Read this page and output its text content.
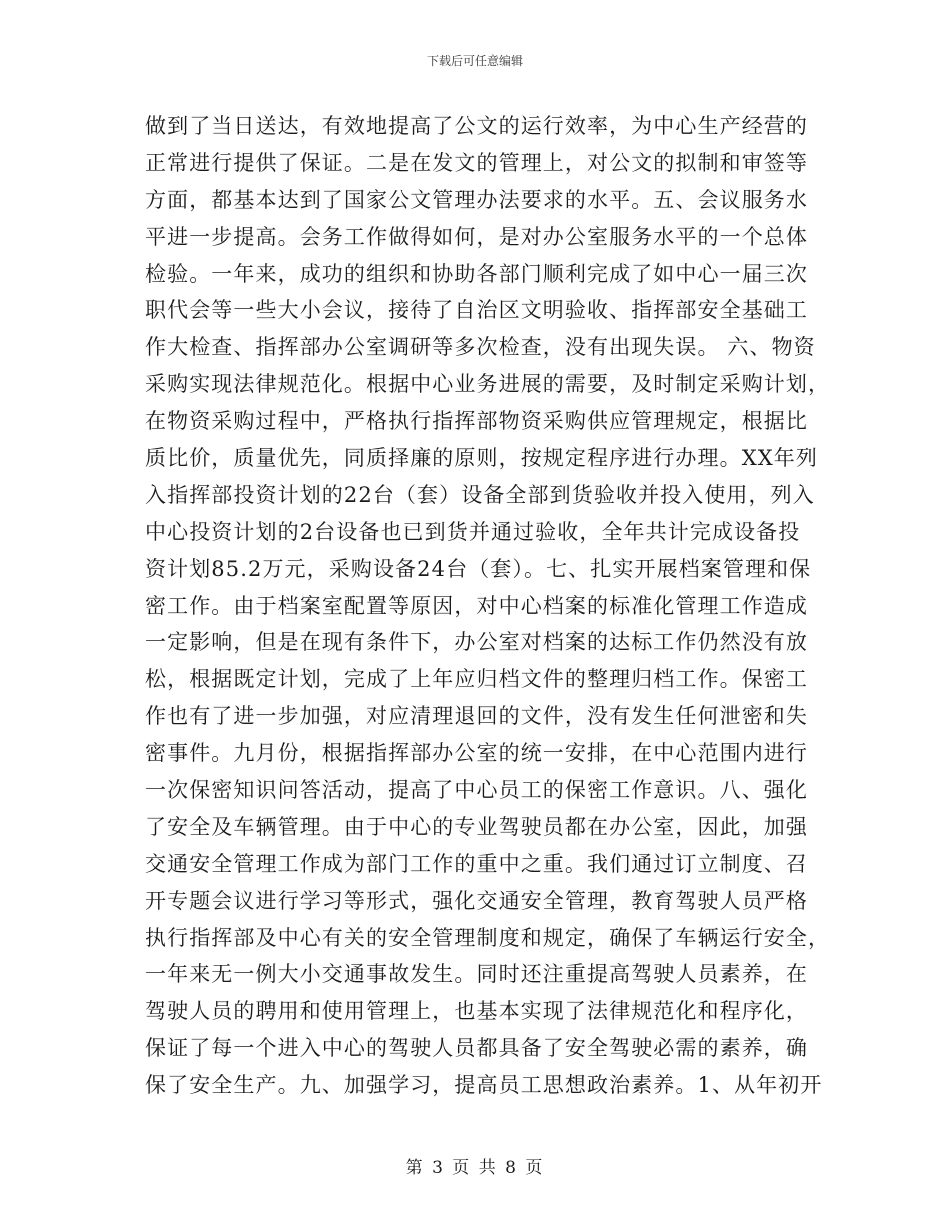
下载后可任意编辑
做到了当日送达，有效地提高了公文的运行效率，为中心生产经营的
正常进行提供了保证。二是在发文的管理上，对公文的拟制和审签等
方面，都基本达到了国家公文管理办法要求的水平。五、会议服务水
平进一步提高。会务工作做得如何，是对办公室服务水平的一个总体
检验。一年来，成功的组织和协助各部门顺利完成了如中心一届三次
职代会等一些大小会议，接待了自治区文明验收、指挥部安全基础工
作大检查、指挥部办公室调研等多次检查，没有出现失误。 六、物资
采购实现法律规范化。根据中心业务进展的需要，及时制定采购计划，
在物资采购过程中，严格执行指挥部物资采购供应管理规定，根据比
质比价，质量优先，同质择廉的原则，按规定程序进行办理。XX年列
入指挥部投资计划的22台（套）设备全部到货验收并投入使用，列入
中心投资计划的2台设备也已到货并通过验收，全年共计完成设备投
资计划85.2万元，采购设备24台（套）。七、扎实开展档案管理和保
密工作。由于档案室配置等原因，对中心档案的标准化管理工作造成
一定影响，但是在现有条件下，办公室对档案的达标工作仍然没有放
松，根据既定计划，完成了上年应归档文件的整理归档工作。保密工
作也有了进一步加强，对应清理退回的文件，没有发生任何泄密和失
密事件。九月份，根据指挥部办公室的统一安排，在中心范围内进行
一次保密知识问答活动，提高了中心员工的保密工作意识。八、强化
了安全及车辆管理。由于中心的专业驾驶员都在办公室，因此，加强
交通安全管理工作成为部门工作的重中之重。我们通过订立制度、召
开专题会议进行学习等形式，强化交通安全管理，教育驾驶人员严格
执行指挥部及中心有关的安全管理制度和规定，确保了车辆运行安全，
一年来无一例大小交通事故发生。同时还注重提高驾驶人员素养，在
驾驶人员的聘用和使用管理上，也基本实现了法律规范化和程序化，
保证了每一个进入中心的驾驶人员都具备了安全驾驶必需的素养，确
保了安全生产。九、加强学习，提高员工思想政治素养。1、从年初开
第 3 页 共 8 页
